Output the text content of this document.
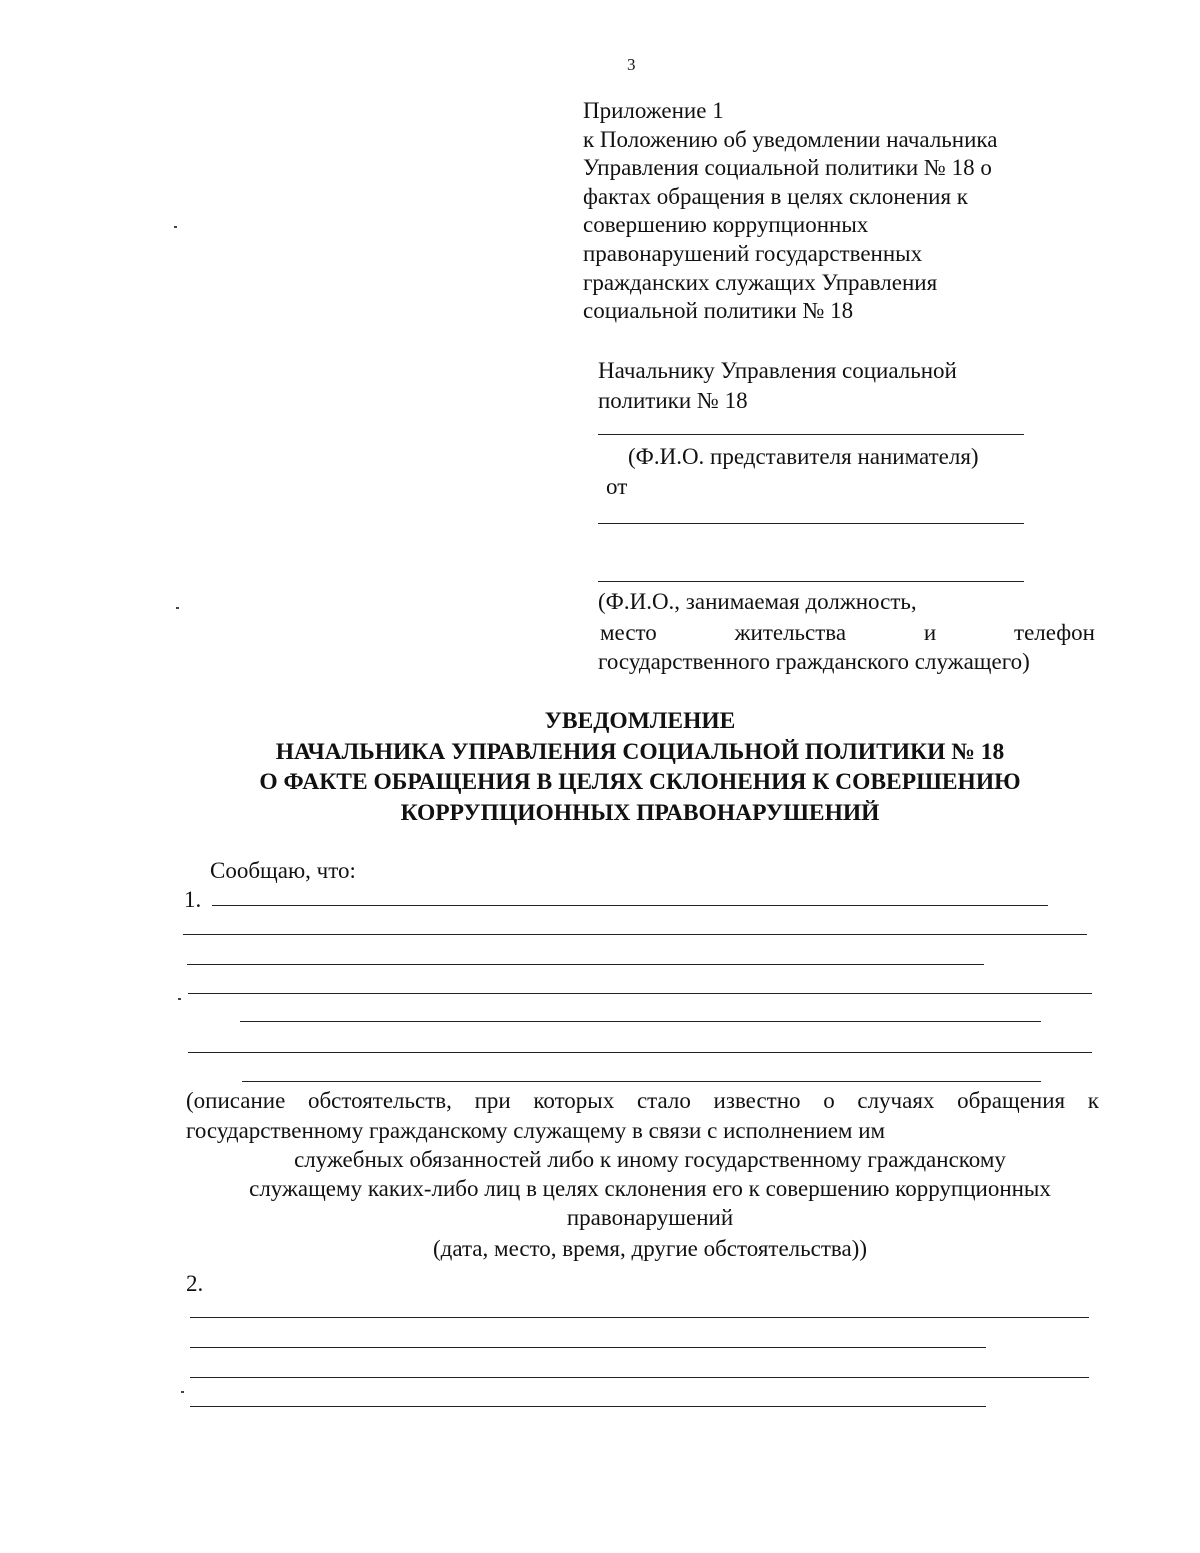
3
Приложение 1
к Положению об уведомлении начальника
Управления социальной политики № 18 о
фактах обращения в целях склонения к
совершению коррупционных
правонарушений государственных
гражданских служащих Управления
социальной политики № 18
Начальнику Управления социальной
политики № 18
(Ф.И.О. представителя нанимателя)
от
(Ф.И.О., занимаемая должность,
место	жительства	и	телефон
государственного гражданского служащего)
УВЕДОМЛЕНИЕ
НАЧАЛЬНИКА УПРАВЛЕНИЯ СОЦИАЛЬНОЙ ПОЛИТИКИ № 18
О ФАКТЕ ОБРАЩЕНИЯ В ЦЕЛЯХ СКЛОНЕНИЯ К СОВЕРШЕНИЮ
КОРРУПЦИОННЫХ ПРАВОНАРУШЕНИЙ
Сообщаю, что:
1.
(описание обстоятельств, при которых стало известно о случаях обращения к
государственному гражданскому служащему в связи с исполнением им
служебных обязанностей либо к иному государственному гражданскому
служащему каких-либо лиц в целях склонения его к совершению коррупционных
правонарушений
(дата, место, время, другие обстоятельства))
2.
